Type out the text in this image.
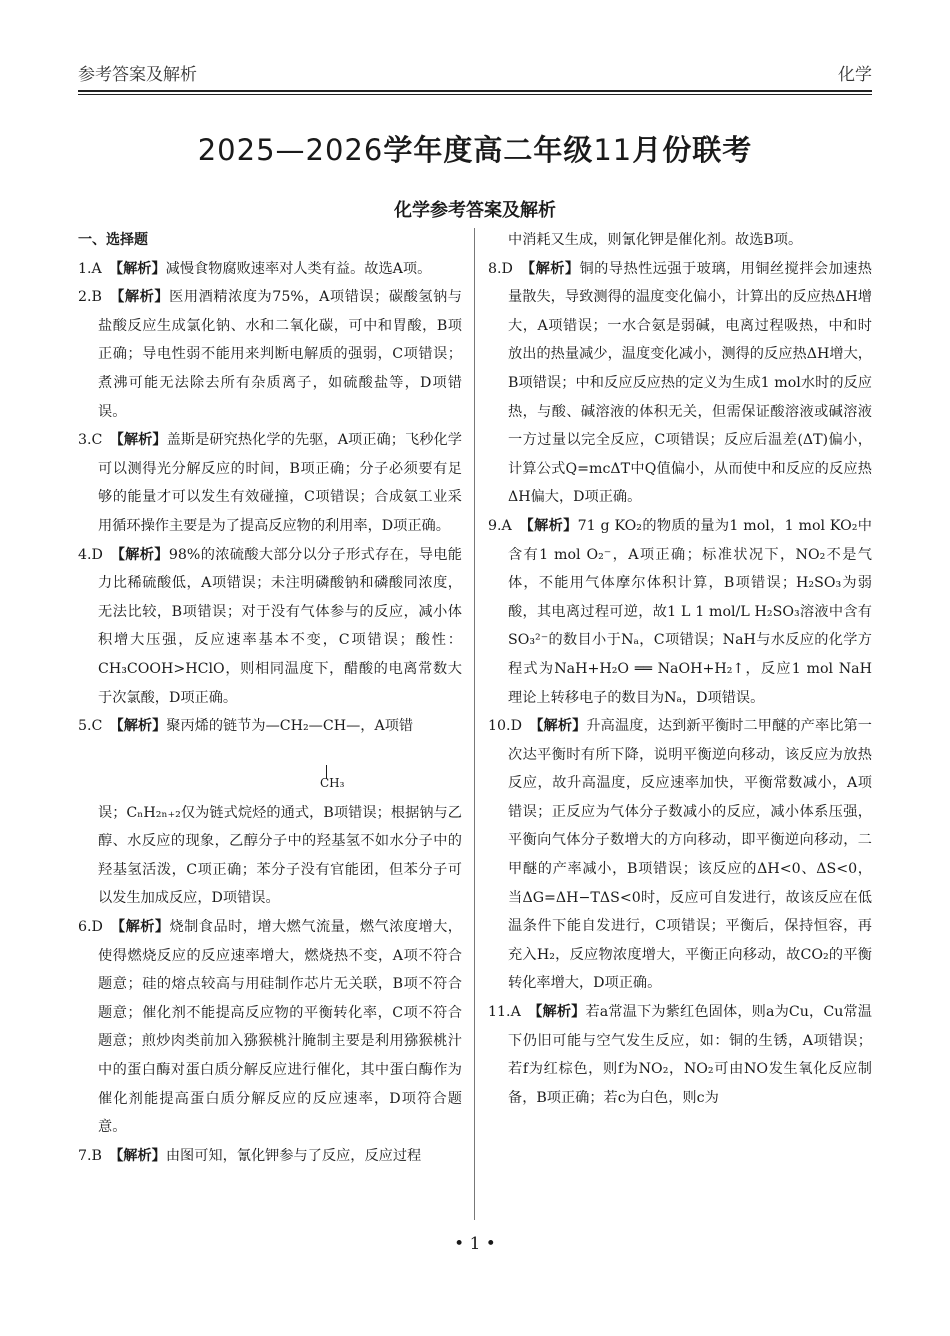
参考答案及解析	化学
2025—2026学年度高二年级11月份联考
化学参考答案及解析
一、选择题

1.A　 【解析】减慢食物腐败速率对人类有益。故选A项。

2.B　 【解析】医用酒精浓度为75%，A项错误；碳酸氢钠与盐酸反应生成氯化钠、水和二氧化碳，可中和胃酸，B项正确；导电性弱不能用来判断电解质的强弱，C项错误；煮沸可能无法除去所有杂质离子，如硫酸盐等，D项错误。

3.C　 【解析】盖斯是研究热化学的先驱，A项正确；飞秒化学可以测得光分解反应的时间，B项正确；分子必须要有足够的能量才可以发生有效碰撞，C项错误；合成氨工业采用循环操作主要是为了提高反应物的利用率，D项正确。

4.D　 【解析】98%的浓硫酸大部分以分子形式存在，导电能力比稀硫酸低，A项错误；未注明磷酸钠和磷酸同浓度，无法比较，B项错误；对于没有气体参与的反应，减小体积增大压强，反应速率基本不变，C项错误；酸性：CH₃COOH>HClO，则相同温度下，醋酸的电离常数大于次氯酸，D项正确。

5.C　 【解析】聚丙烯的链节为—CH₂—CH—，A项错

CH₃

误；CₙH₂ₙ₊₂仅为链式烷烃的通式，B项错误；根据钠与乙醇、水反应的现象，乙醇分子中的羟基氢不如水分子中的羟基氢活泼，C项正确；苯分子没有官能团，但苯分子可以发生加成反应，D项错误。

6.D　 【解析】烧制食品时，增大燃气流量，燃气浓度增大，使得燃烧反应的反应速率增大，燃烧热不变，A项不符合题意；硅的熔点较高与用硅制作芯片无关联，B项不符合题意；催化剂不能提高反应物的平衡转化率，C项不符合题意；煎炒肉类前加入猕猴桃汁腌制主要是利用猕猴桃汁中的蛋白酶对蛋白质分解反应进行催化，其中蛋白酶作为催化剂能提高蛋白质分解反应的反应速率，D项符合题意。

7.B　 【解析】由图可知，氰化钾参与了反应，反应过程

中消耗又生成，则氰化钾是催化剂。故选B项。

8.D　 【解析】铜的导热性远强于玻璃，用铜丝搅拌会加速热量散失，导致测得的温度变化偏小，计算出的反应热ΔH增大，A项错误；一水合氨是弱碱，电离过程吸热，中和时放出的热量减少，温度变化减小，测得的反应热ΔH增大，B项错误；中和反应反应热的定义为生成1 mol水时的反应热，与酸、碱溶液的体积无关，但需保证酸溶液或碱溶液一方过量以完全反应，C项错误；反应后温差(ΔT)偏小，计算公式Q=mcΔT中Q值偏小，从而使中和反应的反应热ΔH偏大，D项正确。

9.A　 【解析】71 g KO₂的物质的量为1 mol，1 mol KO₂中含有1 mol O₂⁻，A项正确；标准状况下，NO₂不是气体，不能用气体摩尔体积计算，B项错误；H₂SO₃为弱酸，其电离过程可逆，故1 L 1 mol/L H₂SO₃溶液中含有SO₃²⁻的数目小于Nₐ，C项错误；NaH与水反应的化学方程式为NaH+H₂O ══ NaOH+H₂↑，反应1 mol NaH理论上转移电子的数目为Nₐ，D项错误。

10.D　 【解析】升高温度，达到新平衡时二甲醚的产率比第一次达平衡时有所下降，说明平衡逆向移动，该反应为放热反应，故升高温度，反应速率加快，平衡常数减小，A项错误；正反应为气体分子数减小的反应，减小体系压强，平衡向气体分子数增大的方向移动，即平衡逆向移动，二甲醚的产率减小，B项错误；该反应的ΔH<0、ΔS<0，当ΔG=ΔH−TΔS<0时，反应可自发进行，故该反应在低温条件下能自发进行，C项错误；平衡后，保持恒容，再充入H₂，反应物浓度增大，平衡正向移动，故CO₂的平衡转化率增大，D项正确。

11.A　 【解析】若a常温下为紫红色固体，则a为Cu，Cu常温下仍旧可能与空气发生反应，如：铜的生锈，A项错误；若f为红棕色，则f为NO₂，NO₂可由NO发生氧化反应制备，B项正确；若c为白色，则c为

• 1 •
